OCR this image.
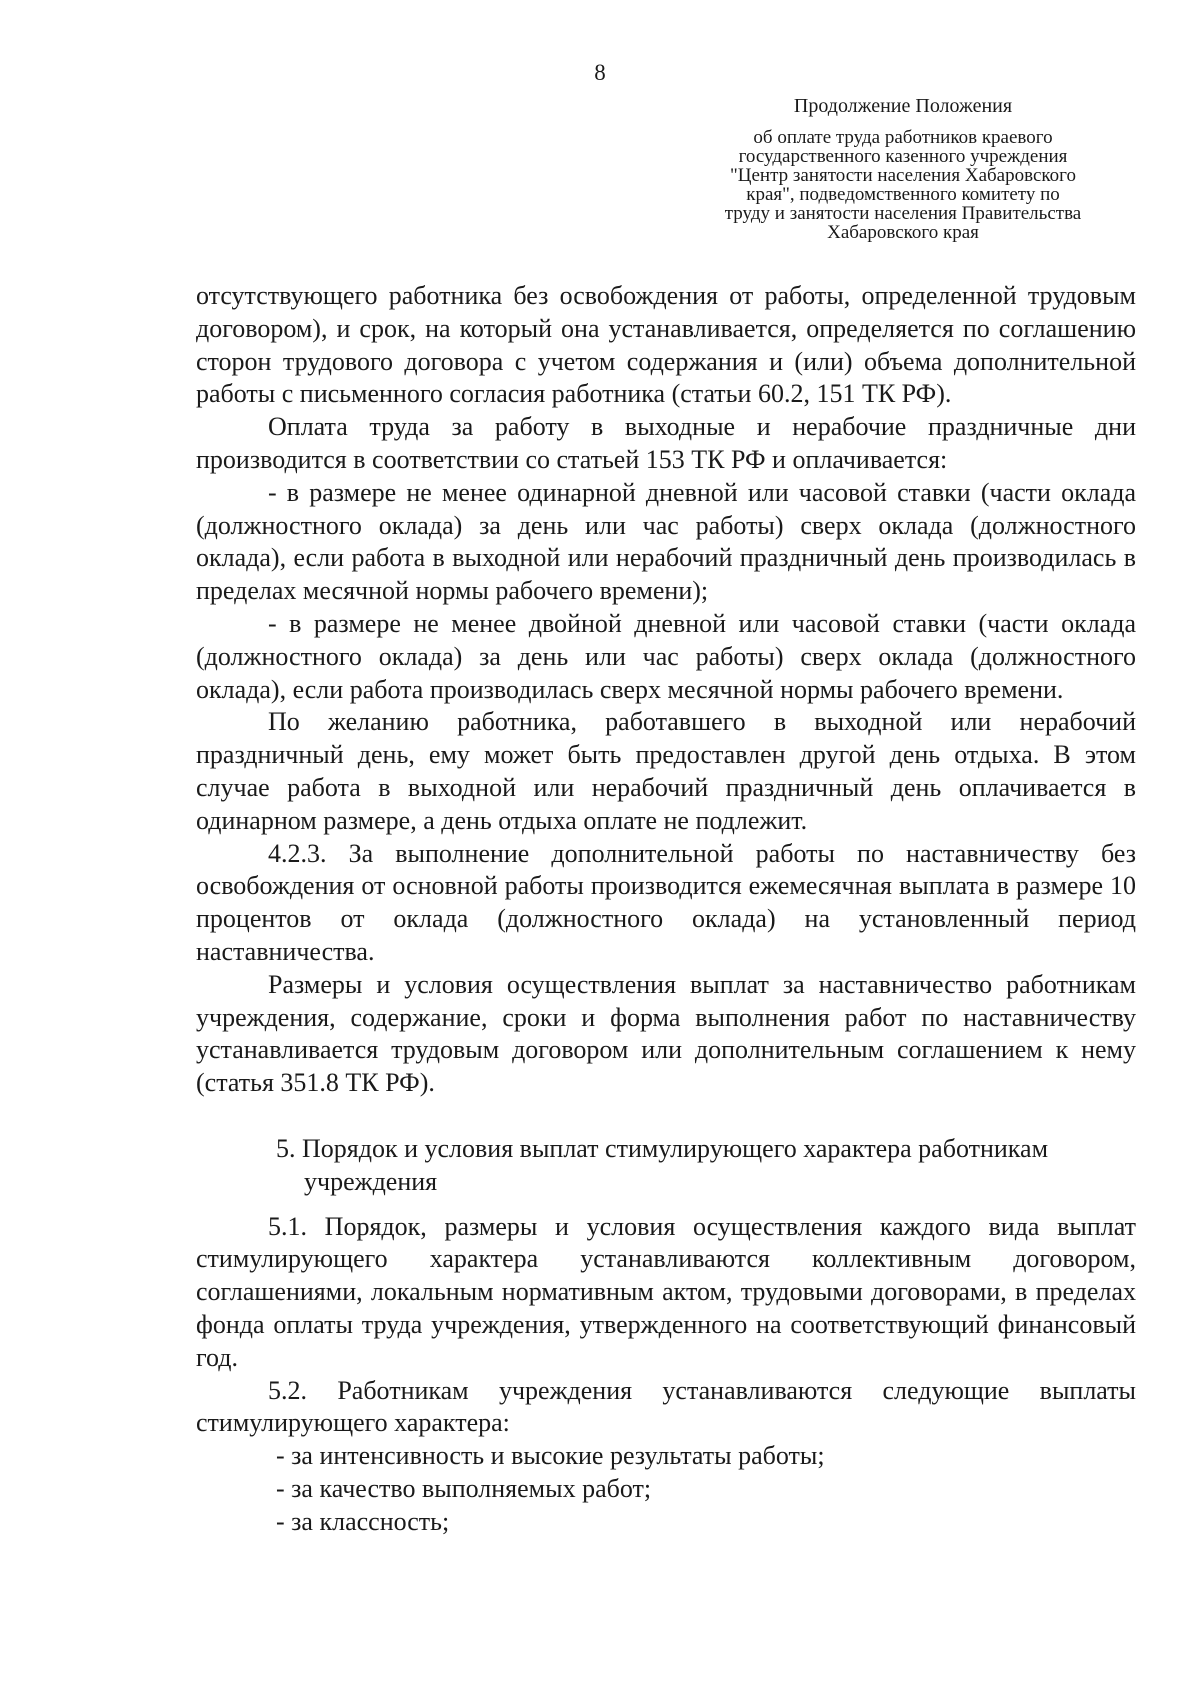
8
Продолжение Положения
об оплате труда работников краевого
государственного казенного учреждения
"Центр занятости населения Хабаровского
края", подведомственного комитету по
труду и занятости населения Правительства
Хабаровского края

отсутствующего работника без освобождения от работы, определенной трудовым договором), и срок, на который она устанавливается, определяется по соглашению сторон трудового договора с учетом содержания и (или) объема дополнительной работы с письменного согласия работника (статьи 60.2, 151 ТК РФ).

Оплата труда за работу в выходные и нерабочие праздничные дни производится в соответствии со статьей 153 ТК РФ и оплачивается:

- в размере не менее одинарной дневной или часовой ставки (части оклада (должностного оклада) за день или час работы) сверх оклада (должностного оклада), если работа в выходной или нерабочий праздничный день производилась в пределах месячной нормы рабочего времени);

- в размере не менее двойной дневной или часовой ставки (части оклада (должностного оклада) за день или час работы) сверх оклада (должностного оклада), если работа производилась сверх месячной нормы рабочего времени.

По желанию работника, работавшего в выходной или нерабочий праздничный день, ему может быть предоставлен другой день отдыха. В этом случае работа в выходной или нерабочий праздничный день оплачивается в одинарном размере, а день отдыха оплате не подлежит.

4.2.3. За выполнение дополнительной работы по наставничеству без освобождения от основной работы производится ежемесячная выплата в размере 10 процентов от оклада (должностного оклада) на установленный период наставничества.

Размеры и условия осуществления выплат за наставничество работникам учреждения, содержание, сроки и форма выполнения работ по наставничеству устанавливается трудовым договором или дополнительным соглашением к нему (статья 351.8 ТК РФ).

5. Порядок и условия выплат стимулирующего характера работникам
учреждения

5.1. Порядок, размеры и условия осуществления каждого вида выплат стимулирующего характера устанавливаются коллективным договором, соглашениями, локальным нормативным актом, трудовыми договорами, в пределах фонда оплаты труда учреждения, утвержденного на соответствующий финансовый год.

5.2. Работникам учреждения устанавливаются следующие выплаты стимулирующего характера:

- за интенсивность и высокие результаты работы;

- за качество выполняемых работ;

- за классность;
